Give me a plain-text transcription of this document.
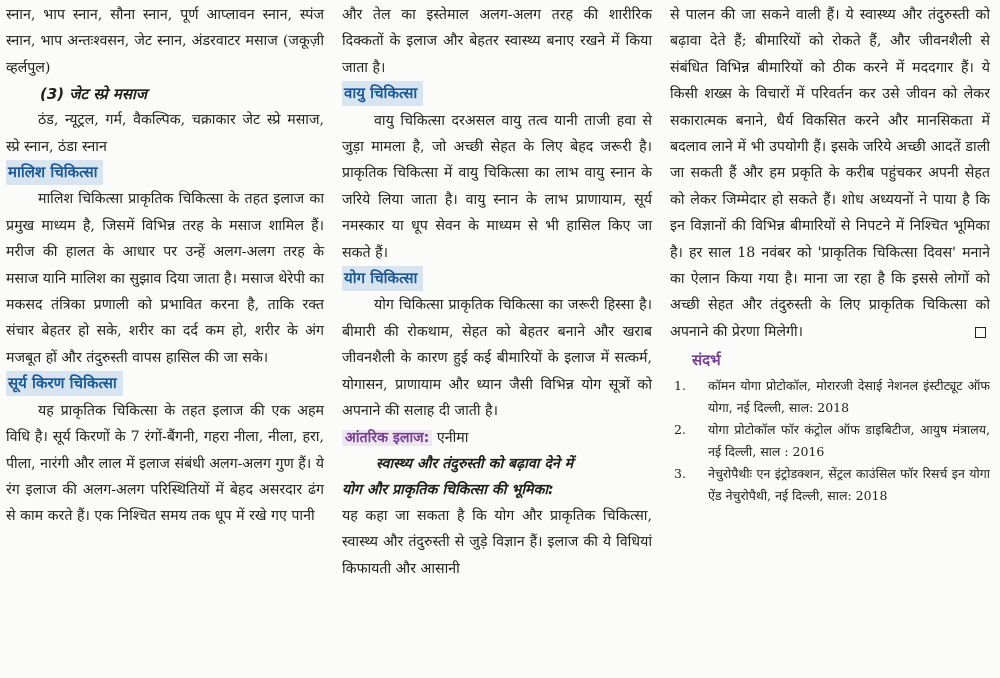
स्नान, भाप स्नान, सौना स्नान, पूर्ण आप्लावन स्नान, स्पंज स्नान, भाप अन्तःश्वसन, जेट स्नान, अंडरवाटर मसाज (जकूज़ी व्हर्लपुल)

(3) जेट स्प्रे मसाज

ठंड, न्यूट्रल, गर्म, वैकल्पिक, चक्राकार जेट स्प्रे मसाज, स्प्रे स्नान, ठंडा स्नान

मालिश चिकित्सा

मालिश चिकित्सा प्राकृतिक चिकित्सा के तहत इलाज का प्रमुख माध्यम है, जिसमें विभिन्न तरह के मसाज शामिल हैं। मरीज की हालत के आधार पर उन्हें अलग-अलग तरह के मसाज यानि मालिश का सुझाव दिया जाता है। मसाज थेरेपी का मकसद तंत्रिका प्रणाली को प्रभावित करना है, ताकि रक्त संचार बेहतर हो सके, शरीर का दर्द कम हो, शरीर के अंग मजबूत हों और तंदुरुस्ती वापस हासिल की जा सके।

सूर्य किरण चिकित्सा

यह प्राकृतिक चिकित्सा के तहत इलाज की एक अहम विधि है। सूर्य किरणों के 7 रंगों-बैंगनी, गहरा नीला, नीला, हरा, पीला, नारंगी और लाल में इलाज संबंधी अलग-अलग गुण हैं। ये रंग इलाज की अलग-अलग परिस्थितियों में बेहद असरदार ढंग से काम करते हैं। एक निश्चित समय तक धूप में रखे गए पानी

और तेल का इस्तेमाल अलग-अलग तरह की शारीरिक दिक्कतों के इलाज और बेहतर स्वास्थ्य बनाए रखने में किया जाता है।

वायु चिकित्सा

वायु चिकित्सा दरअसल वायु तत्व यानी ताजी हवा से जुड़ा मामला है, जो अच्छी सेहत के लिए बेहद जरूरी है। प्राकृतिक चिकित्सा में वायु चिकित्सा का लाभ वायु स्नान के जरिये लिया जाता है। वायु स्नान के लाभ प्राणायाम, सूर्य नमस्कार या धूप सेवन के माध्यम से भी हासिल किए जा सकते हैं।

योग चिकित्सा

योग चिकित्सा प्राकृतिक चिकित्सा का जरूरी हिस्सा है। बीमारी की रोकथाम, सेहत को बेहतर बनाने और खराब जीवनशैली के कारण हुई कई बीमारियों के इलाज में सत्कर्म, योगासन, प्राणायाम और ध्यान जैसी विभिन्न योग सूत्रों को अपनाने की सलाह दी जाती है।

आंतरिक इलाज: एनीमा

स्वास्थ्य और तंदुरुस्ती को बढ़ावा देने में
योग और प्राकृतिक चिकित्सा की भूमिका:

यह कहा जा सकता है कि योग और प्राकृतिक चिकित्सा, स्वास्थ्य और तंदुरुस्ती से जुड़े विज्ञान हैं। इलाज की ये विधियां किफायती और आसानी

से पालन की जा सकने वाली हैं। ये स्वास्थ्य और तंदुरुस्ती को बढ़ावा देते हैं; बीमारियों को रोकते हैं, और जीवनशैली से संबंधित विभिन्न बीमारियों को ठीक करने में मददगार हैं। ये किसी शख्स के विचारों में परिवर्तन कर उसे जीवन को लेकर सकारात्मक बनाने, धैर्य विकसित करने और मानसिकता में बदलाव लाने में भी उपयोगी हैं। इसके जरिये अच्छी आदतें डाली जा सकती हैं और हम प्रकृति के करीब पहुंचकर अपनी सेहत को लेकर जिम्मेदार हो सकते हैं। शोध अध्ययनों ने पाया है कि इन विज्ञानों की विभिन्न बीमारियों से निपटने में निश्चित भूमिका है। हर साल 18 नवंबर को 'प्राकृतिक चिकित्सा दिवस' मनाने का ऐलान किया गया है। माना जा रहा है कि इससे लोगों को अच्छी सेहत और तंदुरुस्ती के लिए प्राकृतिक चिकित्सा को अपनाने की प्रेरणा मिलेगी।

संदर्भ
1.	कॉमन योगा प्रोटोकॉल, मोरारजी देसाई नेशनल इंस्टीट्यूट ऑफ योगा, नई दिल्ली, साल: 2018
2.	योगा प्रोटोकॉल फॉर कंट्रोल ऑफ डाइबिटीज, आयुष मंत्रालय, नई दिल्ली, साल : 2016
3.	नेचुरोपैथीः एन इंट्रोडक्शन, सेंट्रल काउंसिल फॉर रिसर्च इन योगा ऐंड नेचुरोपैथी, नई दिल्ली, साल: 2018
